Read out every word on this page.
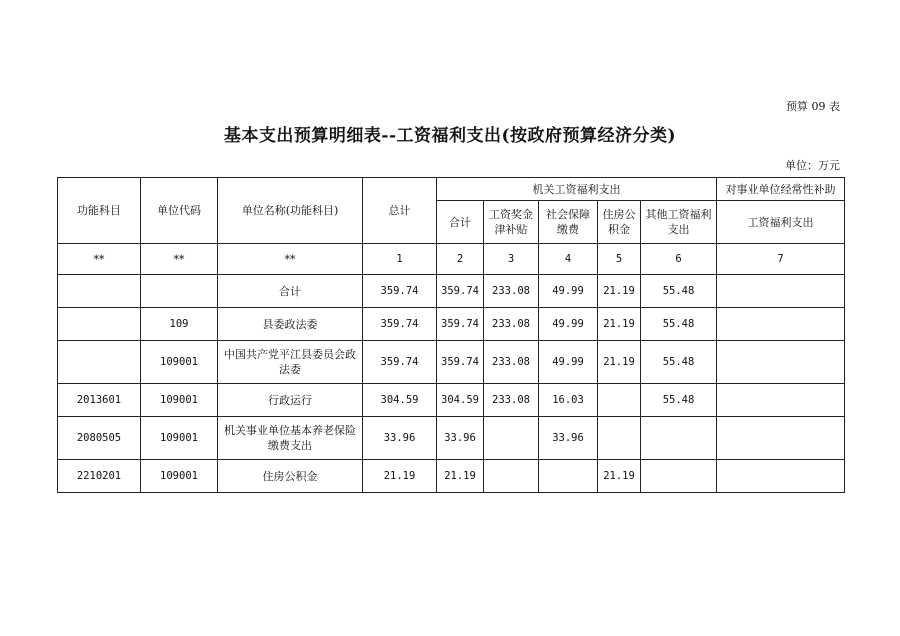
预算 09 表
基本支出预算明细表--工资福利支出(按政府预算经济分类)
单位：万元
功能科目	单位代码	单位名称(功能科目)	总计	机关工资福利支出					对事业单位经常性补助
				合计	工资奖金津补贴	社会保障缴费	住房公积金	其他工资福利支出	工资福利支出
**	**	**	1	2	3	4	5	6	7
		合计	359.74	359.74	233.08	49.99	21.19	55.48	
	109	县委政法委	359.74	359.74	233.08	49.99	21.19	55.48	
	109001	中国共产党平江县委员会政法委	359.74	359.74	233.08	49.99	21.19	55.48	
2013601	109001	行政运行	304.59	304.59	233.08	16.03		55.48	
2080505	109001	机关事业单位基本养老保险缴费支出	33.96	33.96		33.96			
2210201	109001	住房公积金	21.19	21.19			21.19		
